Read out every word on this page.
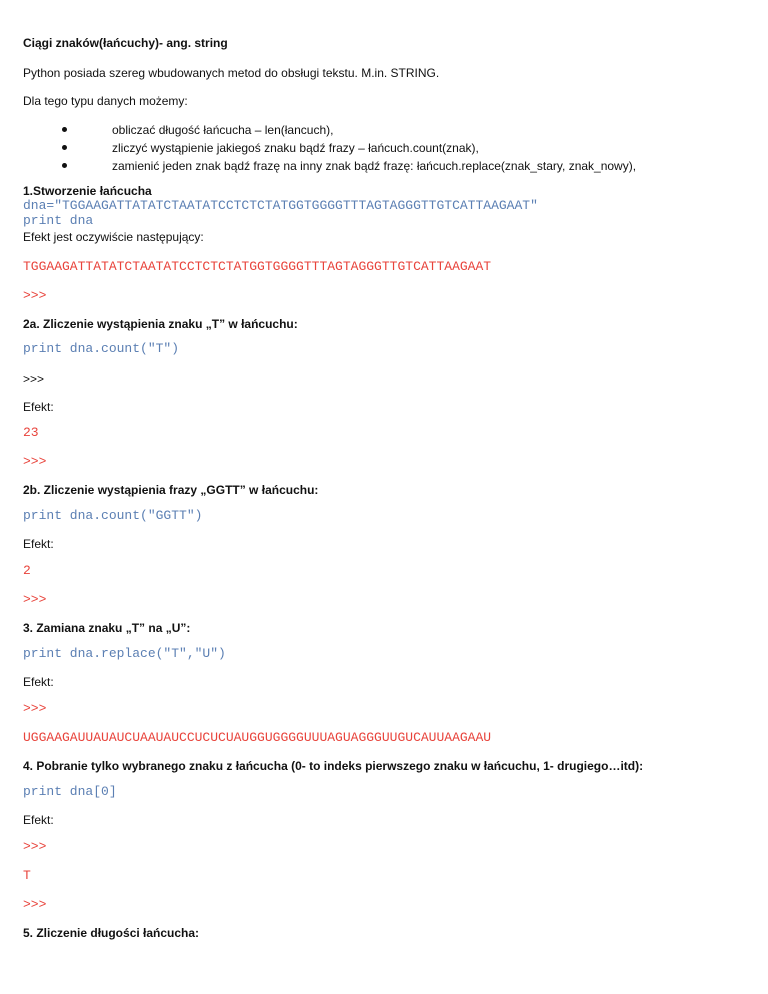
Ciągi znaków(łańcuchy)- ang. string
Python posiada szereg wbudowanych metod do obsługi tekstu. M.in. STRING.
Dla tego typu danych możemy:
obliczać długość łańcucha – len(łancuch),
zliczyć wystąpienie jakiegoś znaku bądź frazy – łańcuch.count(znak),
zamienić jeden znak bądź frazę na inny znak bądź frazę: łańcuch.replace(znak_stary, znak_nowy),
1.Stworzenie łańcucha
dna="TGGAAGATTATATCTAATATCCTCTCTATGGTGGGGTTTAGTAGGGTTGTCATTAAGAAT"
print dna
Efekt jest oczywiście następujący:
TGGAAGATTATATCTAATATCCTCTCTATGGTGGGGTTTAGTAGGGTTGTCATTAAGAAT
>>>
2a. Zliczenie wystąpienia znaku „T” w łańcuchu:
print dna.count("T")
>>>
Efekt:
23
>>>
2b. Zliczenie wystąpienia frazy „GGTT” w łańcuchu:
print dna.count("GGTT")
Efekt:
2
>>>
3. Zamiana znaku „T” na „U”:
print dna.replace("T","U")
Efekt:
>>>
UGGAAGAUUAUAUCUAAUAUCCUCUCUAUGGUGGGGUUUAGUAGGGUUGUCAUUAAGAAU
4. Pobranie tylko wybranego znaku z łańcucha (0- to indeks pierwszego znaku w łańcuchu, 1- drugiego…itd):
print dna[0]
Efekt:
>>>
T
>>>
5. Zliczenie długości łańcucha:
